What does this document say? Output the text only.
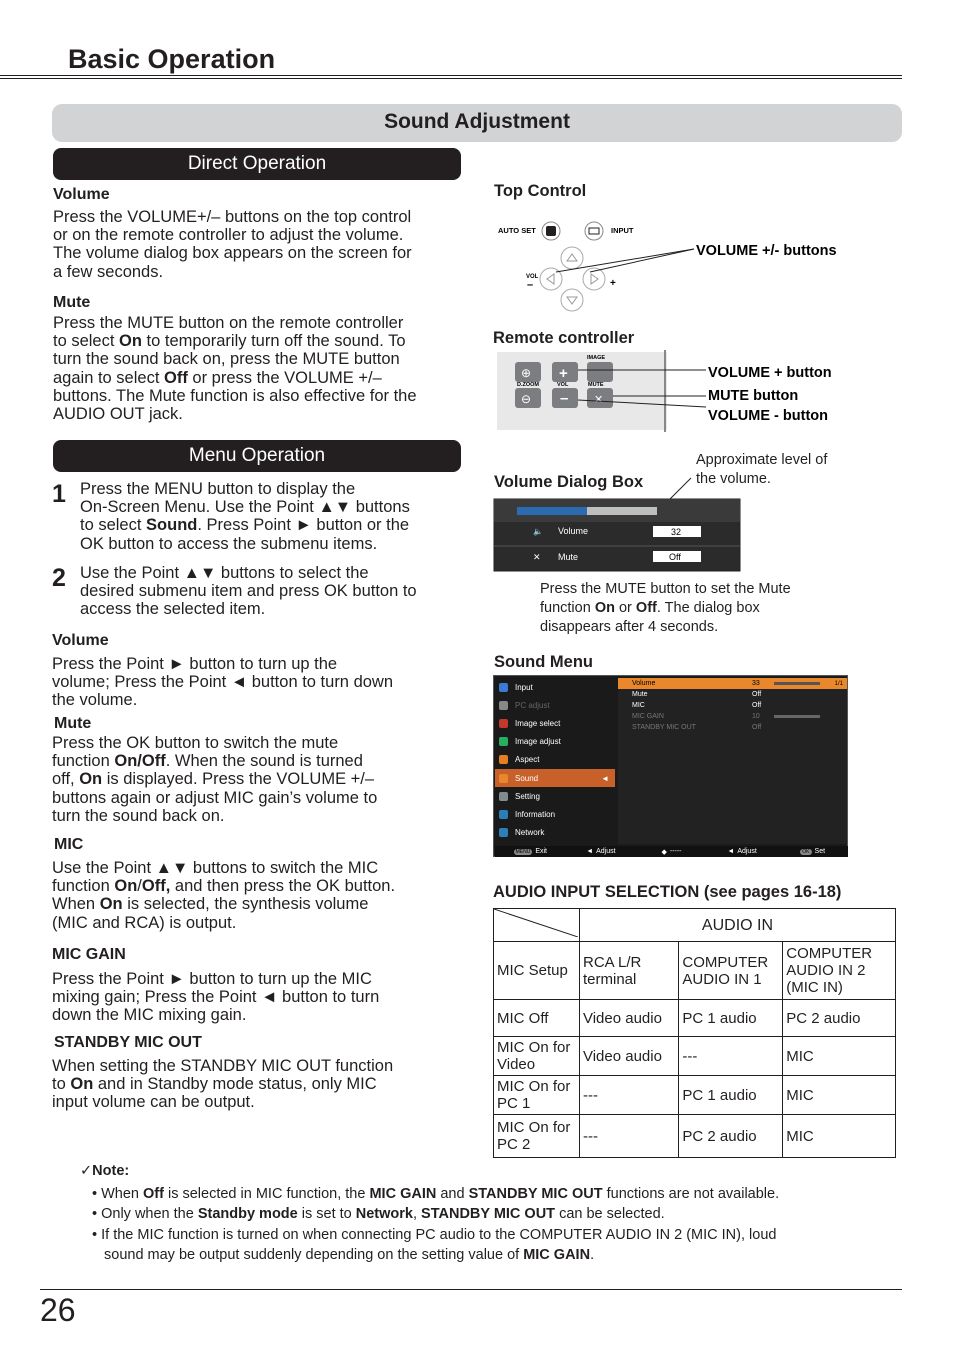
Basic Operation
Sound Adjustment
Direct Operation
Volume
Press the VOLUME+/– buttons on the top control
or on the remote controller to adjust the volume.
The volume dialog box appears on the screen for
a few seconds.
Mute
Press the MUTE button on the remote controller
to select On to temporarily turn off the sound. To
turn the sound back on, press the MUTE button
again to select Off or press the VOLUME +/–
buttons. The Mute function is also effective for the
AUDIO OUT jack.
Menu Operation
1 Press the MENU button to display the
On-Screen Menu. Use the Point ▲▼ buttons
to select Sound. Press Point ► button or the
OK button to access the submenu items.
2 Use the Point ▲▼ buttons to select the
desired submenu item and press OK button to
access the selected item.
Volume
Press the Point ► button to turn up the
volume; Press the Point ◄ button to turn down
the volume.
Mute
Press the OK button to switch the mute
function On/Off. When the sound is turned
off, On is displayed. Press the VOLUME +/–
buttons again or adjust MIC gain’s volume to
turn the sound back on.
MIC
Use the Point ▲▼ buttons to switch the MIC
function On/Off, and then press the OK button.
When On is selected, the synthesis volume
(MIC and RCA) is output.
MIC GAIN
Press the Point ► button to turn up the MIC
mixing gain; Press the Point ◄ button to turn
down the MIC mixing gain.
STANDBY MIC OUT
When setting the STANDBY MIC OUT function
to On and in Standby mode status, only MIC
input volume can be output.
Top Control
AUTO SET	INPUT
VOL
–	+
VOLUME +/- buttons
Remote controller
⊕
⊖
D.ZOOM
+
–
VOL
IMAGE
✕
MUTE
VOLUME + button
MUTE button
VOLUME - button
Approximate level of
the volume.
Volume Dialog Box
🔈 Volume	32
✕ Mute	Off
Press the MUTE button to set the Mute
function On or Off. The dialog box
disappears after 4 seconds.
Sound Menu
Input
PC adjust
Image select
Image adjust
Aspect
Sound	◄
Setting
Information
Network
Volume	33	1/1
Mute	Off
MIC	Off
MIC GAIN	10
STANDBY MIC OUT	Off
MENU Exit	◄ Adjust	◆ -----	◄ Adjust	OK Set
AUDIO INPUT SELECTION (see pages 16-18)
	AUDIO IN		
MIC Setup	RCA L/R terminal	COMPUTER AUDIO IN 1	COMPUTER AUDIO IN 2 (MIC IN)
MIC Off	Video audio	PC 1 audio	PC 2 audio
MIC On for Video	Video audio	---	MIC
MIC On for PC 1	---	PC 1 audio	MIC
MIC On for PC 2	---	PC 2 audio	MIC
✓Note:
• When Off is selected in MIC function, the MIC GAIN and STANDBY MIC OUT functions are not available.
• Only when the Standby mode is set to Network, STANDBY MIC OUT can be selected.
• If the MIC function is turned on when connecting PC audio to the COMPUTER AUDIO IN 2 (MIC IN), loud
sound may be output suddenly depending on the setting value of MIC GAIN.
26
